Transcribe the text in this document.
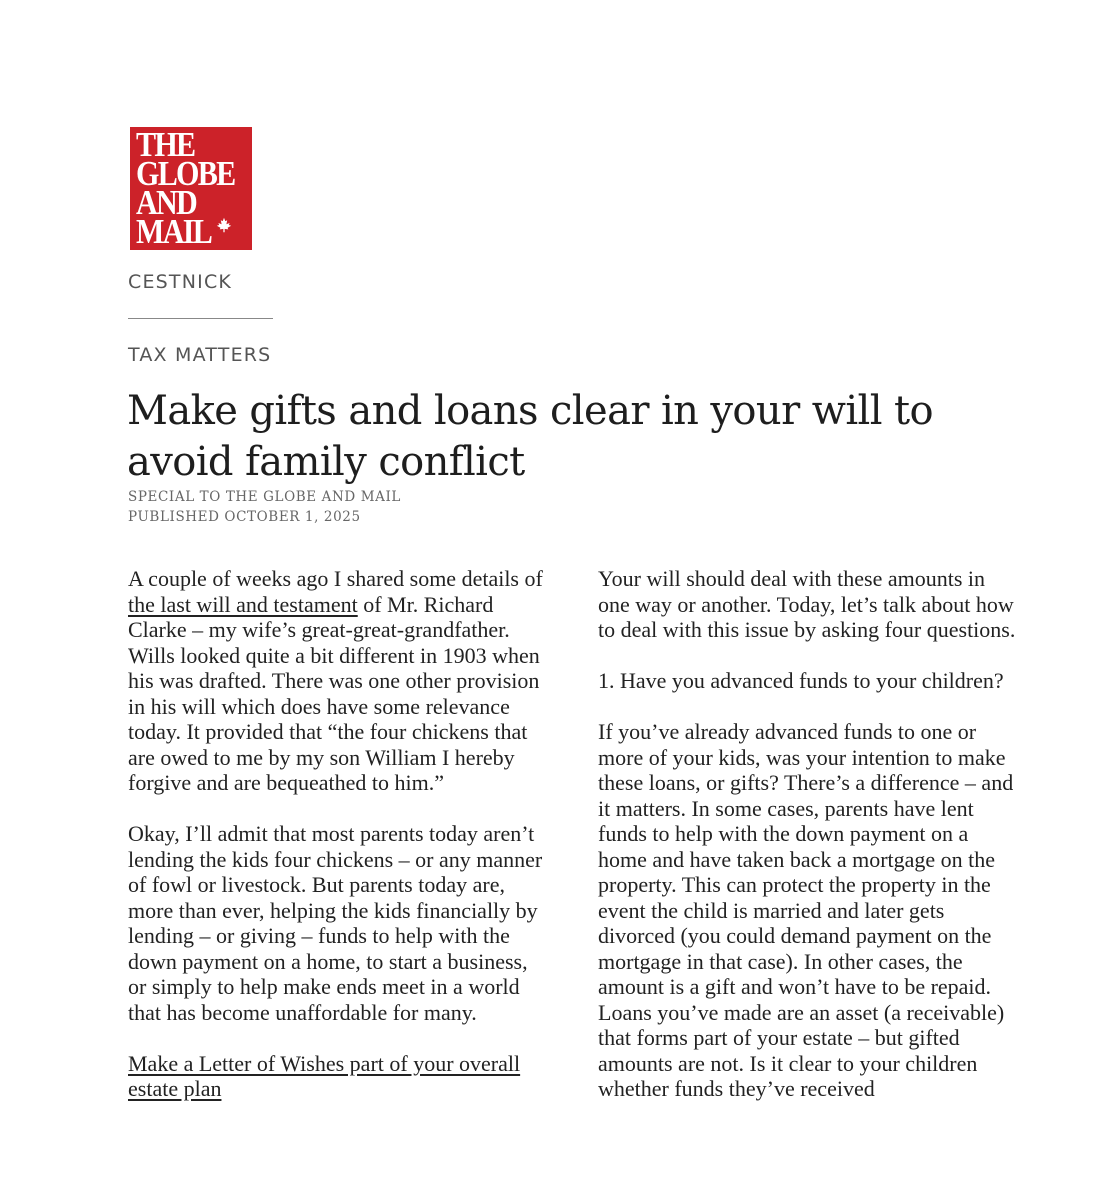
THE
GLOBE
AND
MAIL
CESTNICK
TAX MATTERS
Make gifts and loans clear in your will to avoid family conflict
SPECIAL TO THE GLOBE AND MAIL
PUBLISHED OCTOBER 1, 2025

A couple of weeks ago I shared some details of the last will and testament of Mr. Richard Clarke – my wife’s great-great-grandfather. Wills looked quite a bit different in 1903 when his was drafted. There was one other provision in his will which does have some relevance today. It provided that “the four chickens that are owed to me by my son William I hereby forgive and are bequeathed to him.”

Okay, I’ll admit that most parents today aren’t lending the kids four chickens – or any manner of fowl or livestock. But parents today are, more than ever, helping the kids financially by lending – or giving – funds to help with the down payment on a home, to start a business, or simply to help make ends meet in a world that has become unaffordable for many.

Make a Letter of Wishes part of your overall estate plan

Your will should deal with these amounts in one way or another. Today, let’s talk about how to deal with this issue by asking four questions.

1. Have you advanced funds to your children?

If you’ve already advanced funds to one or more of your kids, was your intention to make these loans, or gifts? There’s a difference – and it matters. In some cases, parents have lent funds to help with the down payment on a home and have taken back a mortgage on the property. This can protect the property in the event the child is married and later gets divorced (you could demand payment on the mortgage in that case). In other cases, the amount is a gift and won’t have to be repaid. Loans you’ve made are an asset (a receivable) that forms part of your estate – but gifted amounts are not. Is it clear to your children whether funds they’ve received
